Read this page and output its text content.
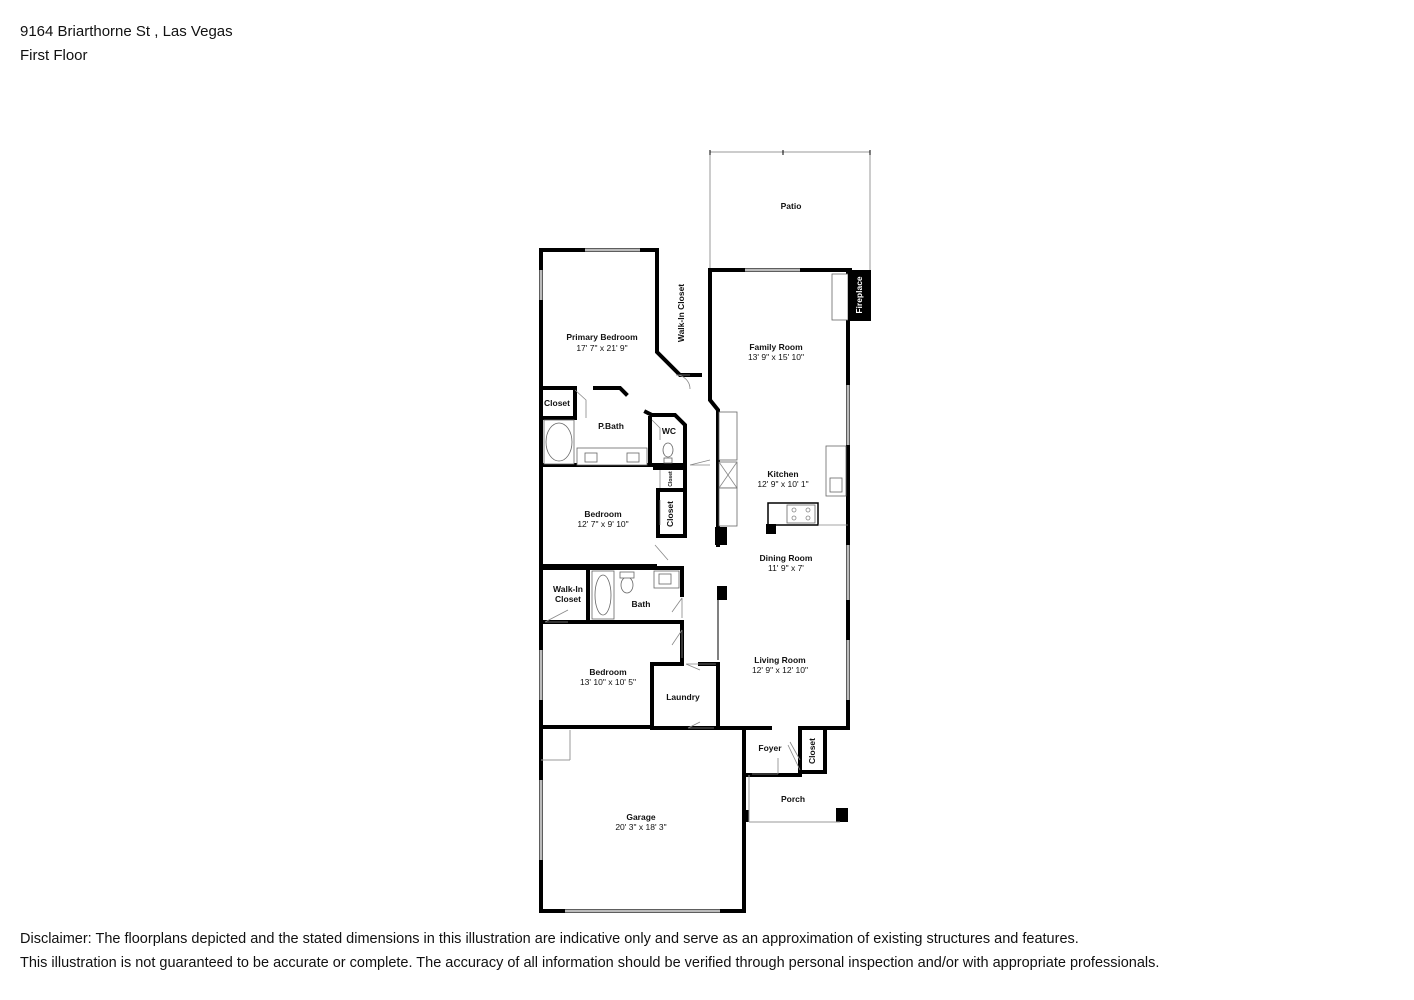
9164 Briarthorne St , Las Vegas
First Floor
Fireplace
Patio
Primary Bedroom
17' 7" x 21' 9"
Walk-In Closet
Family Room
13' 9" x 15' 10"
Closet
P.Bath	WC
Kitchen
12' 9" x 10' 1"
Bedroom
12' 7" x 9' 10"
Closet
Closet
Dining Room
11' 9" x 7'
Walk-In
Closet	Bath
Living Room
12' 9" x 12' 10"
Bedroom
13' 10" x 10' 5"
Laundry
Foyer	Closet
Porch
Garage
20' 3" x 18' 3"
Disclaimer: The floorplans depicted and the stated dimensions in this illustration are indicative only and serve as an approximation of existing structures and features.
This illustration is not guaranteed to be accurate or complete. The accuracy of all information should be verified through personal inspection and/or with appropriate professionals.
